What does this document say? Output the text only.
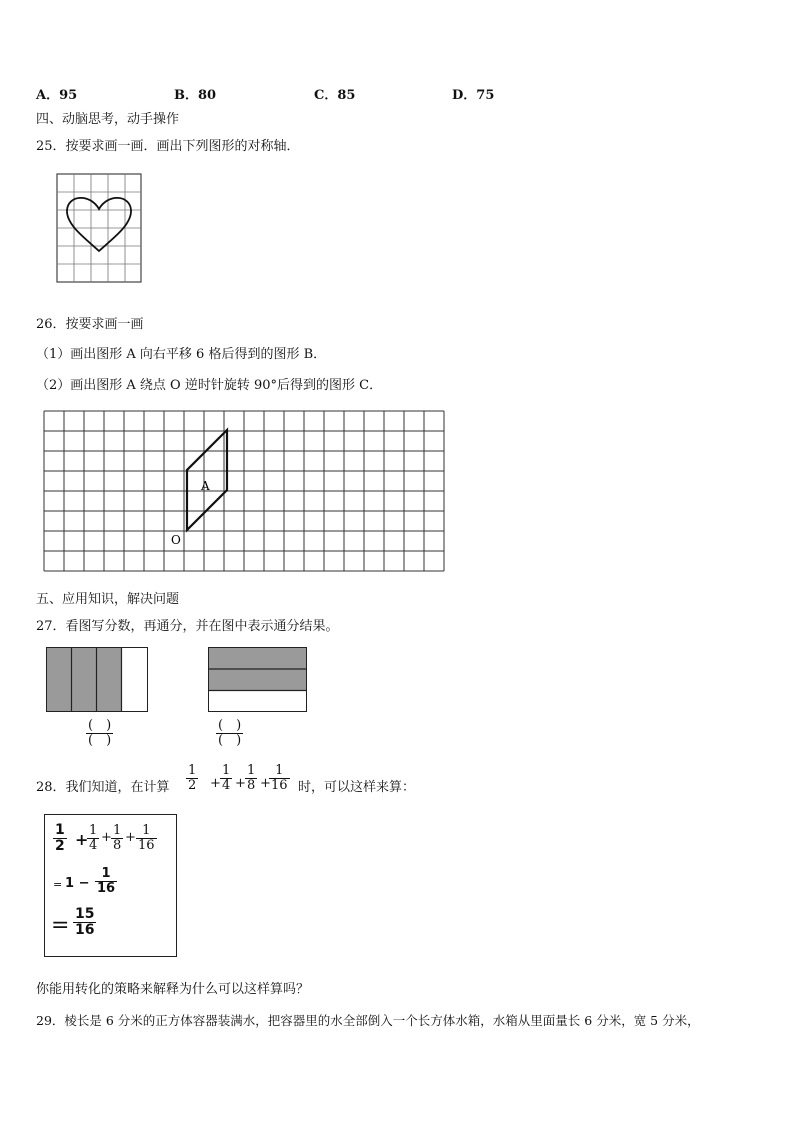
A．95	B．80	C．85	D．75
四、动脑思考，动手操作
25．按要求画一画．画出下列图形的对称轴．
26．按要求画一画
（1）画出图形 A 向右平移 6 格后得到的图形 B．
（2）画出图形 A 绕点 O 逆时针旋转 90°后得到的图形 C．
A
O
五、应用知识，解决问题
27．看图写分数，再通分，并在图中表示通分结果。
(　)
(　)
(　)
(　)
28．我们知道，在计算 $\frac{1}{2} + \frac{1}{4} + \frac{1}{8}$ +
$\frac{1}{16}$ 时，可以这样来算：
$\frac{1}{2}$ +
$\frac{1}{4} + \frac{1}{8} + \frac{1}{16}$
= $1 - \frac{1}{16}$
= $\frac{15}{16}$
你能用转化的策略来解释为什么可以这样算吗？
29．棱长是 6 分米的正方体容器装满水，把容器里的水全部倒入一个长方体水箱，水箱从里面量长 6 分米，宽 5 分米，
